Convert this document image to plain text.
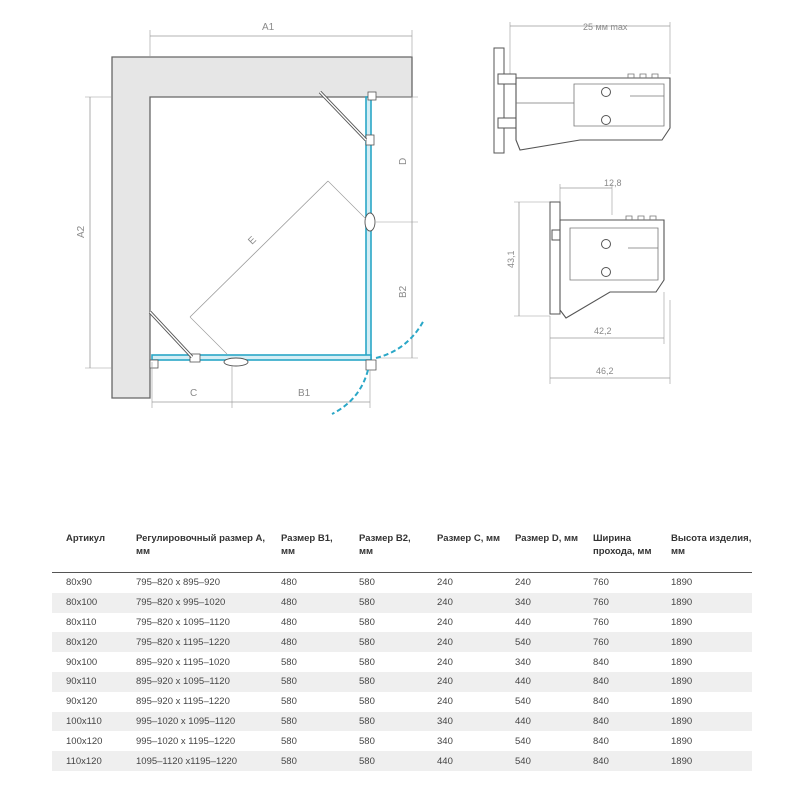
A1
A2
E
D
B2
C	B1
25 мм max
12,8
43,1
42,2
46,2
Артикул	Регулировочный размер А, мм	Размер В1, мм	Размер В2, мм	Размер С, мм	Размер D, мм	Ширина прохода, мм	Высота изделия, мм
80х90	795–820 х 895–920	480	580	240	240	760	1890
80х100	795–820 х 995–1020	480	580	240	340	760	1890
80х110	795–820 х 1095–1120	480	580	240	440	760	1890
80х120	795–820 х 1195–1220	480	580	240	540	760	1890
90х100	895–920 х 1195–1020	580	580	240	340	840	1890
90х110	895–920 х 1095–1120	580	580	240	440	840	1890
90х120	895–920 х 1195–1220	580	580	240	540	840	1890
100х110	995–1020 х 1095–1120	580	580	340	440	840	1890
100х120	995–1020 х 1195–1220	580	580	340	540	840	1890
110х120	1095–1120 х1195–1220	580	580	440	540	840	1890
